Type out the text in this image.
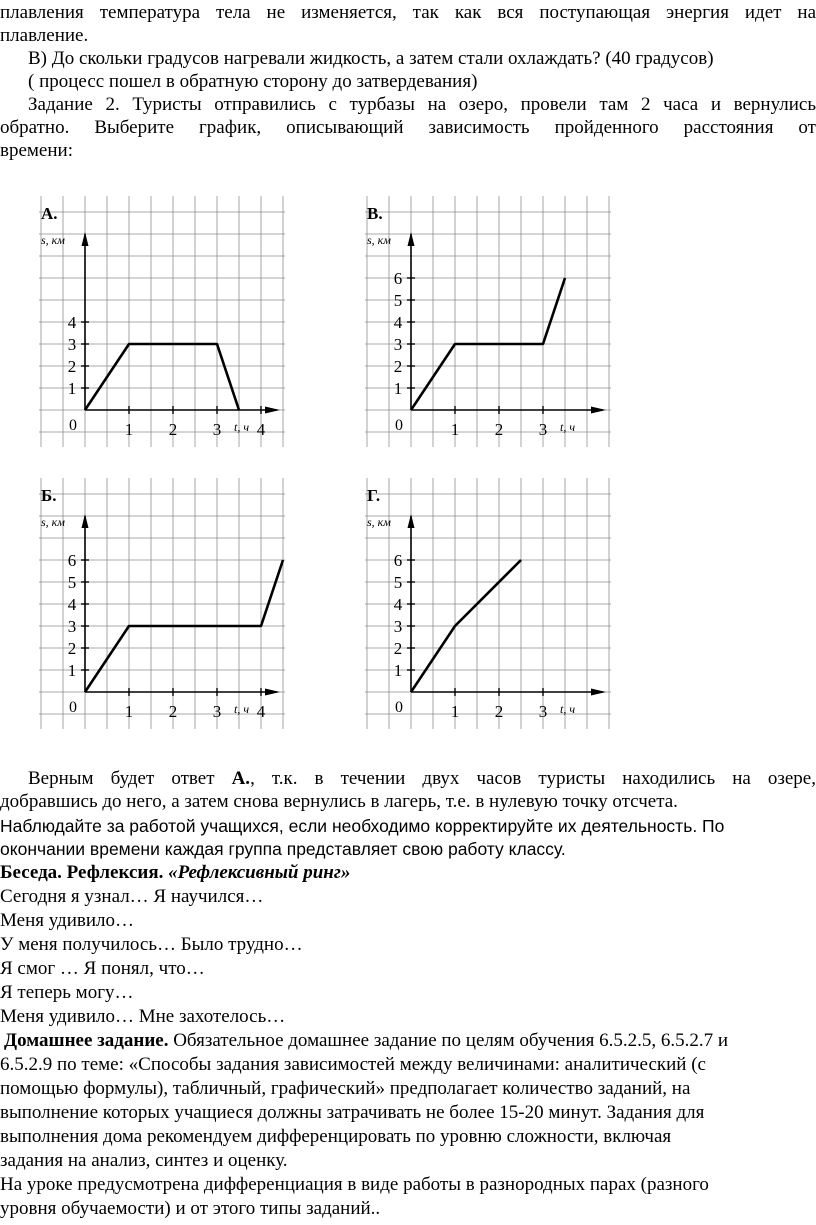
плавления температура тела не изменяется, так как вся поступающая энергия идет на
плавление.
В) До скольки градусов нагревали жидкость, а затем стали охлаждать? (40 градусов)
( процесс пошел в обратную сторону до затвердевания)
Задание 2. Туристы отправились с турбазы на озеро, провели там 2 часа и вернулись
обратно. Выберите график, описывающий зависимость пройденного расстояния от
времени:
А.
s, км
t, ч
0
1
2
3
4
1 2 3 4
В.
s, км
t, ч
0
1
2
3
4
5
6
1 2 3
Б.
s, км
t, ч
0
1
2
3
4
5
6
1 2 3 4
Г.
s, км
t, ч
0
1
2
3
4
5
6
1 2 3
Верным будет ответ А., т.к. в течении двух часов туристы находились на озере,
добравшись до него, а затем снова вернулись в лагерь, т.е. в нулевую точку отсчета.
Наблюдайте за работой учащихся, если необходимо корректируйте их деятельность. По
окончании времени каждая группа представляет свою работу классу.
Беседа. Рефлексия. «Рефлексивный ринг»
Сегодня я узнал… Я научился…
Меня удивило…
У меня получилось… Было трудно…
Я смог … Я понял, что…
Я теперь могу…
Меня удивило… Мне захотелось…
Домашнее задание. Обязательное домашнее задание по целям обучения 6.5.2.5, 6.5.2.7 и
6.5.2.9 по теме: «Способы задания зависимостей между величинами: аналитический (с
помощью формулы), табличный, графический» предполагает количество заданий, на
выполнение которых учащиеся должны затрачивать не более 15-20 минут. Задания для
выполнения дома рекомендуем дифференцировать по уровню сложности, включая
задания на анализ, синтез и оценку.
На уроке предусмотрена дифференциация в виде работы в разнородных парах (разного
уровня обучаемости) и от этого типы заданий..
